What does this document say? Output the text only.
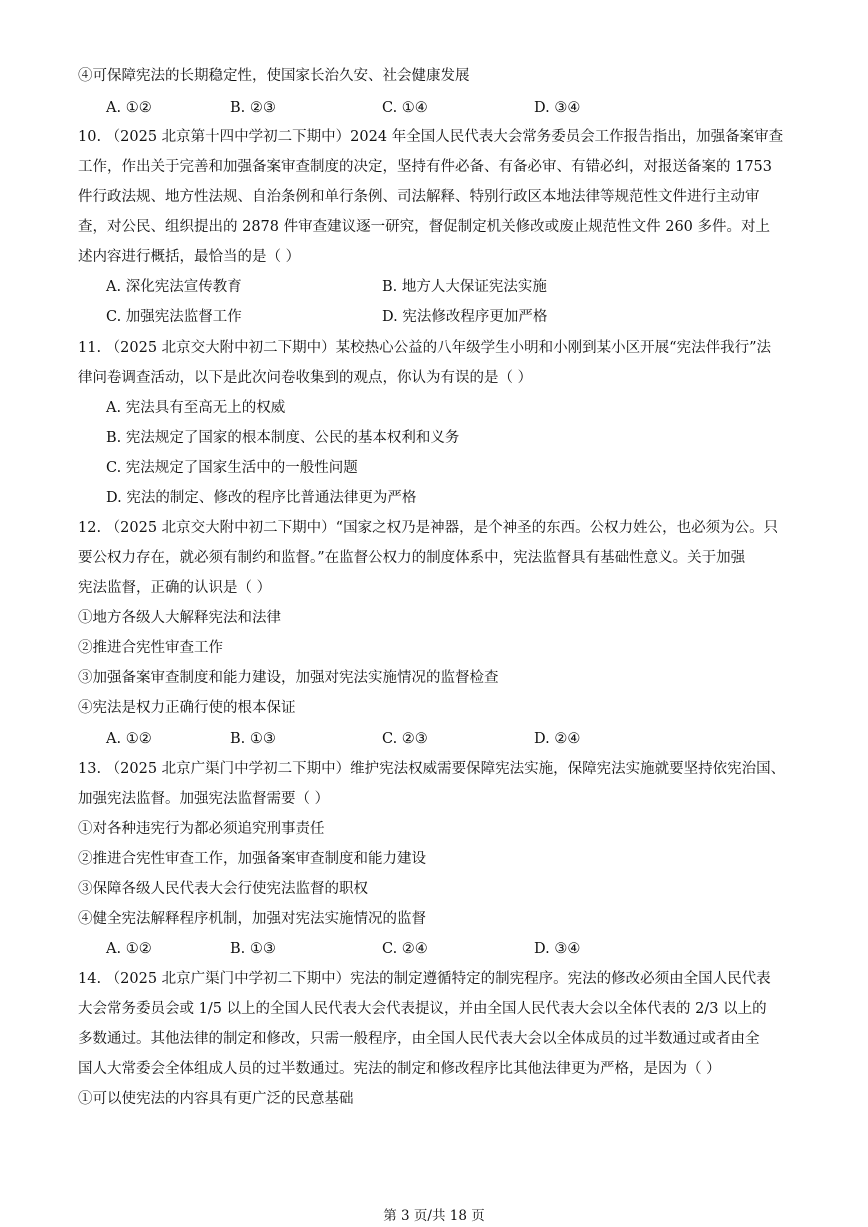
④可保障宪法的长期稳定性，使国家长治久安、社会健康发展
A. ①②	B. ②③	C. ①④	D. ③④
10. （2025 北京第十四中学初二下期中）2024 年全国人民代表大会常务委员会工作报告指出，加强备案审查
工作，作出关于完善和加强备案审查制度的决定，坚持有件必备、有备必审、有错必纠，对报送备案的 1753
件行政法规、地方性法规、自治条例和单行条例、司法解释、特别行政区本地法律等规范性文件进行主动审
查，对公民、组织提出的 2878 件审查建议逐一研究，督促制定机关修改或废止规范性文件 260 多件。对上
述内容进行概括，最恰当的是（ ）
A. 深化宪法宣传教育	B. 地方人大保证宪法实施
C. 加强宪法监督工作	D. 宪法修改程序更加严格
11. （2025 北京交大附中初二下期中）某校热心公益的八年级学生小明和小刚到某小区开展“宪法伴我行”法
律问卷调查活动，以下是此次问卷收集到的观点，你认为有误的是（ ）
A. 宪法具有至高无上的权威
B. 宪法规定了国家的根本制度、公民的基本权利和义务
C. 宪法规定了国家生活中的一般性问题
D. 宪法的制定、修改的程序比普通法律更为严格
12. （2025 北京交大附中初二下期中）“国家之权乃是神器，是个神圣的东西。公权力姓公，也必须为公。只
要公权力存在，就必须有制约和监督。”在监督公权力的制度体系中，宪法监督具有基础性意义。关于加强
宪法监督，正确的认识是（ ）
①地方各级人大解释宪法和法律
②推进合宪性审查工作
③加强备案审查制度和能力建设，加强对宪法实施情况的监督检查
④宪法是权力正确行使的根本保证
A. ①②	B. ①③	C. ②③	D. ②④
13. （2025 北京广渠门中学初二下期中）维护宪法权威需要保障宪法实施，保障宪法实施就要坚持依宪治国、
加强宪法监督。加强宪法监督需要（ ）
①对各种违宪行为都必须追究刑事责任
②推进合宪性审查工作，加强备案审查制度和能力建设
③保障各级人民代表大会行使宪法监督的职权
④健全宪法解释程序机制，加强对宪法实施情况的监督
A. ①②	B. ①③	C. ②④	D. ③④
14. （2025 北京广渠门中学初二下期中）宪法的制定遵循特定的制宪程序。宪法的修改必须由全国人民代表
大会常务委员会或 1/5 以上的全国人民代表大会代表提议，并由全国人民代表大会以全体代表的 2/3 以上的
多数通过。其他法律的制定和修改，只需一般程序，由全国人民代表大会以全体成员的过半数通过或者由全
国人大常委会全体组成人员的过半数通过。宪法的制定和修改程序比其他法律更为严格，是因为（ ）
①可以使宪法的内容具有更广泛的民意基础
第 3 页/共 18 页
